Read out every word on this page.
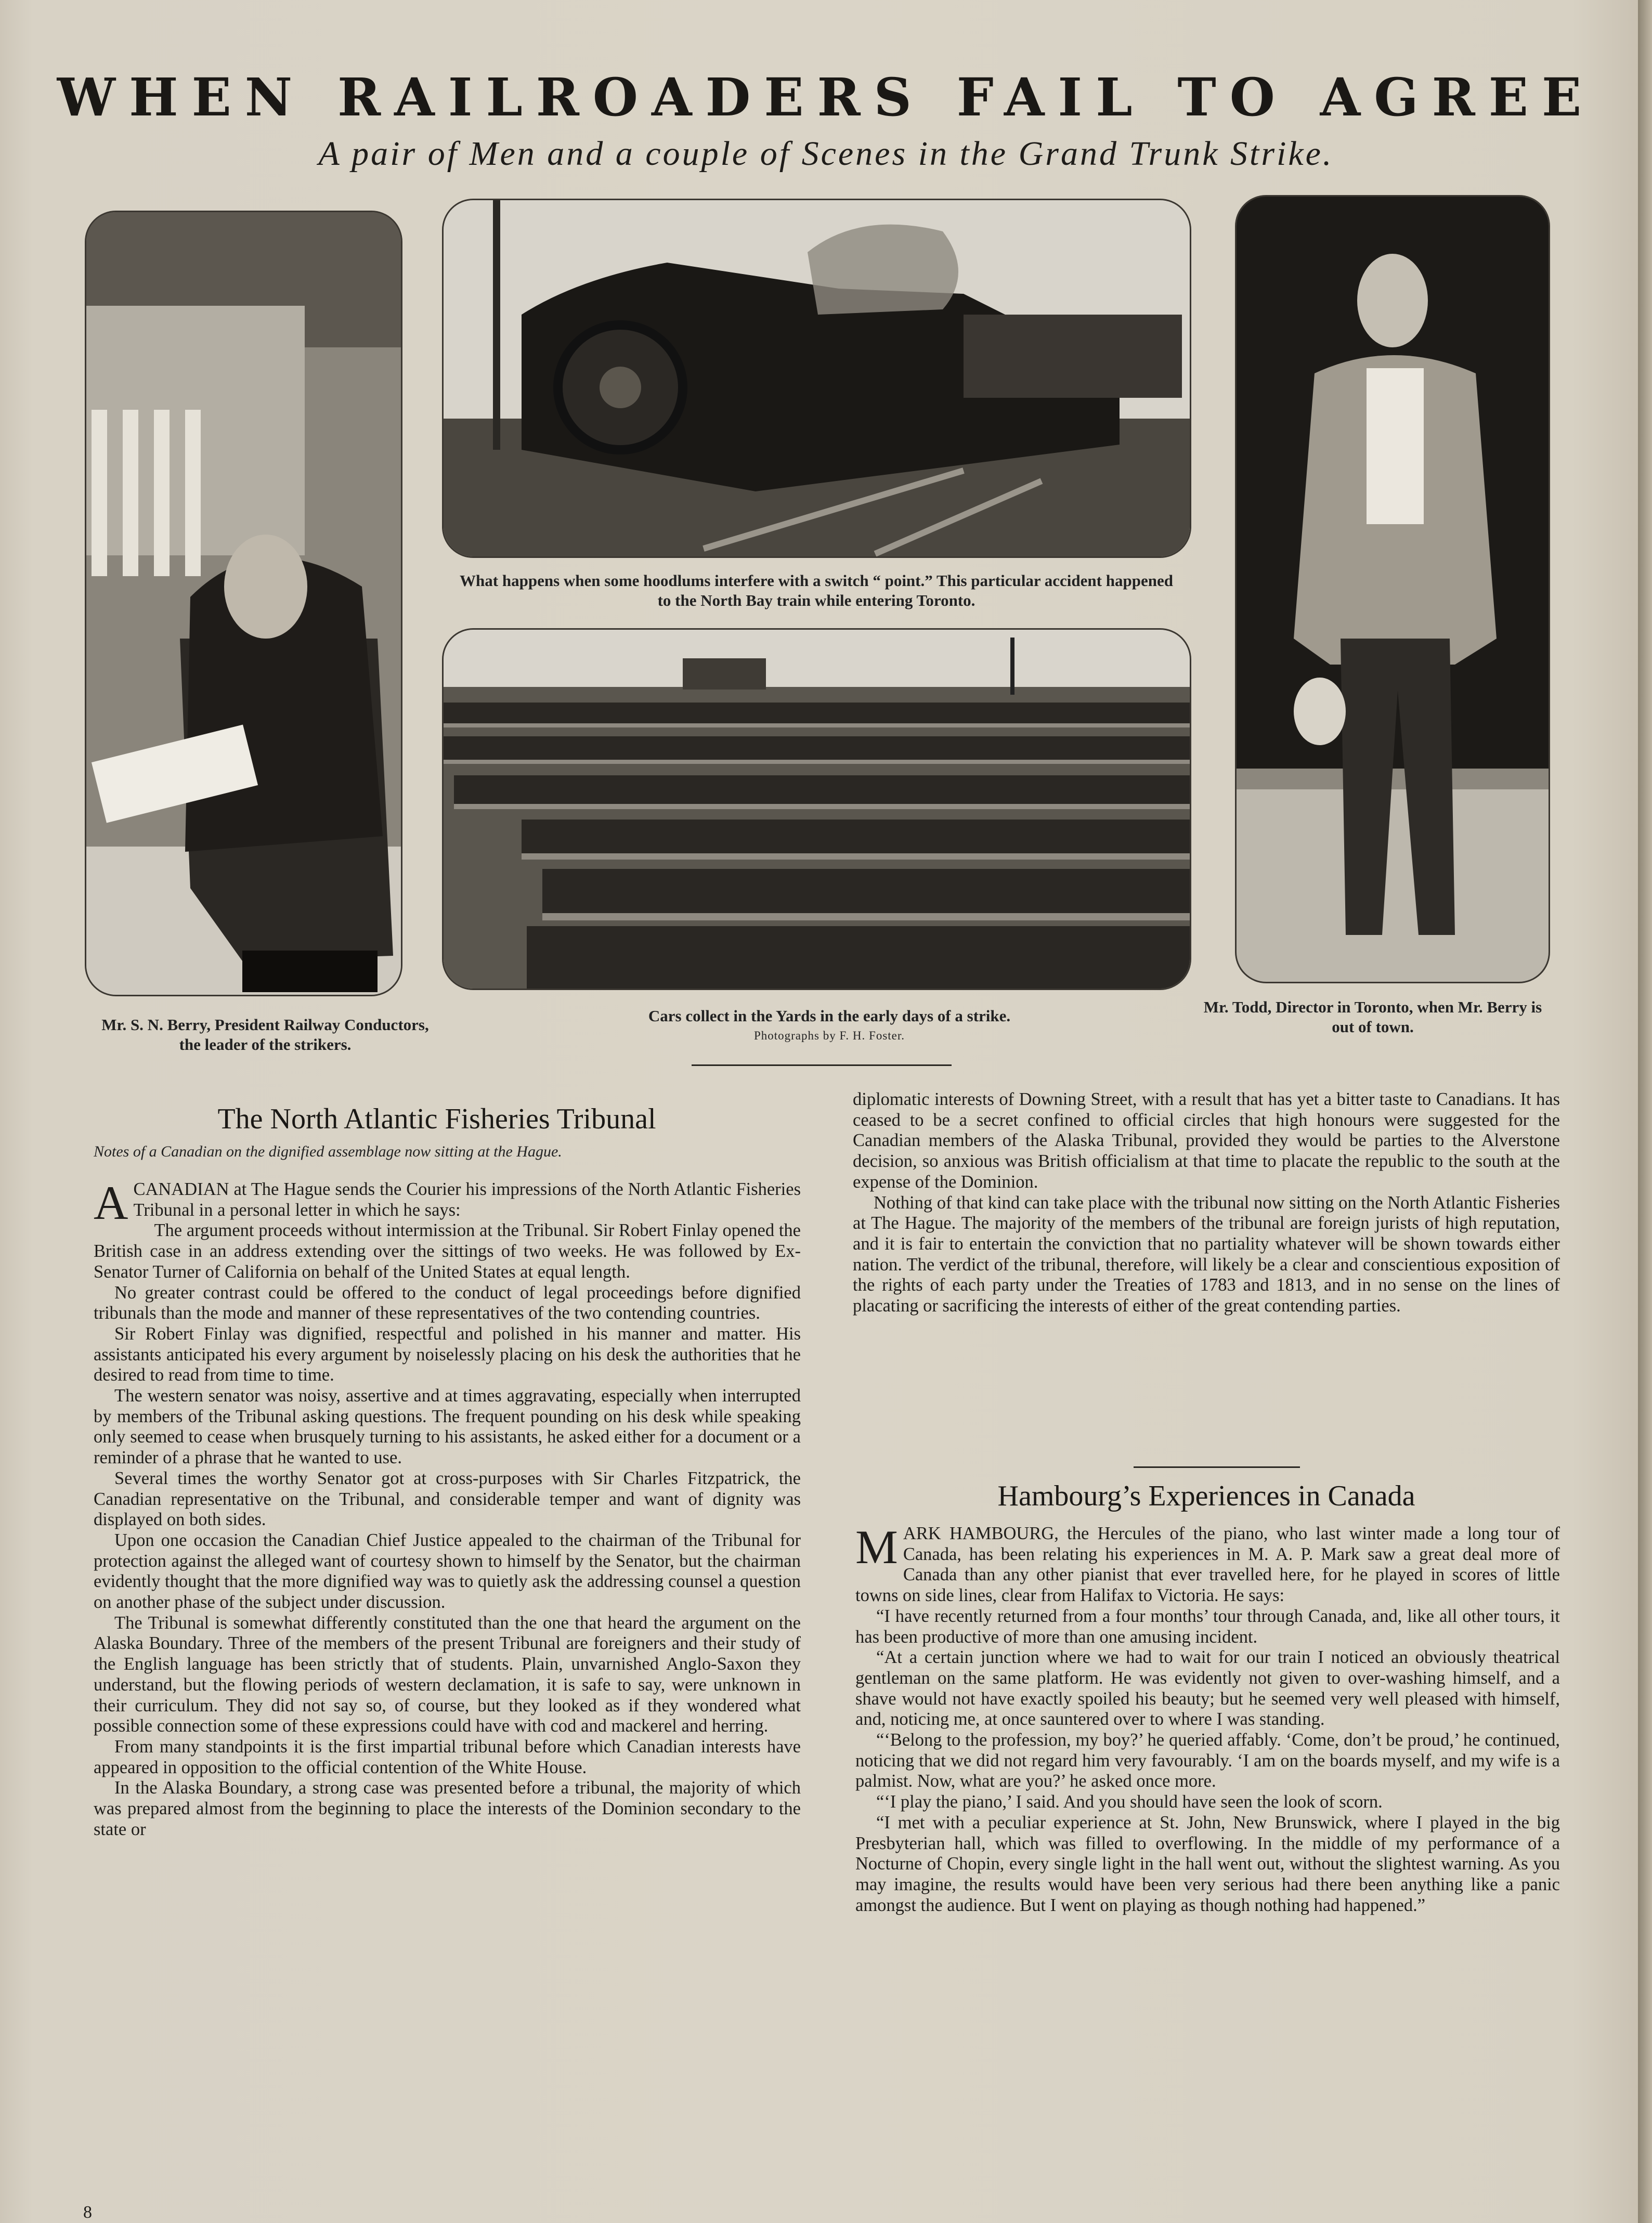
WHEN RAILROADERS FAIL TO AGREE
A pair of Men and a couple of Scenes in the Grand Trunk Strike.
Mr. S. N. Berry, President Railway Conductors, the leader of the strikers.
What happens when some hoodlums interfere with a switch “ point.” This particular accident happened to the North Bay train while entering Toronto.
Cars collect in the Yards in the early days of a strike.
Photographs by F. H. Foster.
Mr. Todd, Director in Toronto, when Mr. Berry is out of town.
The North Atlantic Fisheries Tribunal
Notes of a Canadian on the dignified assemblage now sitting at the Hague.

ACANADIAN at The Hague sends the Courier his impressions of the North Atlantic Fisheries Tribunal in a personal letter in which he says:

The argument proceeds without intermission at the Tribunal. Sir Robert Finlay opened the British case in an address extending over the sittings of two weeks. He was followed by Ex-Senator Turner of California on behalf of the United States at equal length.

No greater contrast could be offered to the conduct of legal proceedings before dignified tribunals than the mode and manner of these representatives of the two contending countries.

Sir Robert Finlay was dignified, respectful and polished in his manner and matter. His assistants anticipated his every argument by noiselessly placing on his desk the authorities that he desired to read from time to time.

The western senator was noisy, assertive and at times aggravating, especially when interrupted by members of the Tribunal asking questions. The frequent pounding on his desk while speaking only seemed to cease when brusquely turning to his assistants, he asked either for a document or a reminder of a phrase that he wanted to use.

Several times the worthy Senator got at cross-purposes with Sir Charles Fitzpatrick, the Canadian representative on the Tribunal, and considerable temper and want of dignity was displayed on both sides.

Upon one occasion the Canadian Chief Justice appealed to the chairman of the Tribunal for protection against the alleged want of courtesy shown to himself by the Senator, but the chairman evidently thought that the more dignified way was to quietly ask the addressing counsel a question on another phase of the subject under discussion.

The Tribunal is somewhat differently constituted than the one that heard the argument on the Alaska Boundary. Three of the members of the present Tribunal are foreigners and their study of the English language has been strictly that of students. Plain, unvarnished Anglo-Saxon they understand, but the flowing periods of western declamation, it is safe to say, were unknown in their curriculum. They did not say so, of course, but they looked as if they wondered what possible connection some of these expressions could have with cod and mackerel and herring.

From many standpoints it is the first impartial tribunal before which Canadian interests have appeared in opposition to the official contention of the White House.

In the Alaska Boundary, a strong case was presented before a tribunal, the majority of which was prepared almost from the beginning to place the interests of the Dominion secondary to the state or

diplomatic interests of Downing Street, with a result that has yet a bitter taste to Canadians. It has ceased to be a secret confined to official circles that high honours were suggested for the Canadian members of the Alaska Tribunal, provided they would be parties to the Alverstone decision, so anxious was British officialism at that time to placate the republic to the south at the expense of the Dominion.

Nothing of that kind can take place with the tribunal now sitting on the North Atlantic Fisheries at The Hague. The majority of the members of the tribunal are foreign jurists of high reputation, and it is fair to entertain the conviction that no partiality whatever will be shown towards either nation. The verdict of the tribunal, therefore, will likely be a clear and conscientious exposition of the rights of each party under the Treaties of 1783 and 1813, and in no sense on the lines of placating or sacrificing the interests of either of the great contending parties.

Hambourg’s Experiences in Canada

MARK HAMBOURG, the Hercules of the piano, who last winter made a long tour of Canada, has been relating his experiences in M. A. P. Mark saw a great deal more of Canada than any other pianist that ever travelled here, for he played in scores of little towns on side lines, clear from Halifax to Victoria. He says:

“I have recently returned from a four months’ tour through Canada, and, like all other tours, it has been productive of more than one amusing incident.

“At a certain junction where we had to wait for our train I noticed an obviously theatrical gentleman on the same platform. He was evidently not given to over-washing himself, and a shave would not have exactly spoiled his beauty; but he seemed very well pleased with himself, and, noticing me, at once sauntered over to where I was standing.

“‘Belong to the profession, my boy?’ he queried affably. ‘Come, don’t be proud,’ he continued, noticing that we did not regard him very favourably. ‘I am on the boards myself, and my wife is a palmist. Now, what are you?’ he asked once more.

“‘I play the piano,’ I said. And you should have seen the look of scorn.

“I met with a peculiar experience at St. John, New Brunswick, where I played in the big Presbyterian hall, which was filled to overflowing. In the middle of my performance of a Nocturne of Chopin, every single light in the hall went out, without the slightest warning. As you may imagine, the results would have been very serious had there been anything like a panic amongst the audience. But I went on playing as though nothing had happened.”

8
